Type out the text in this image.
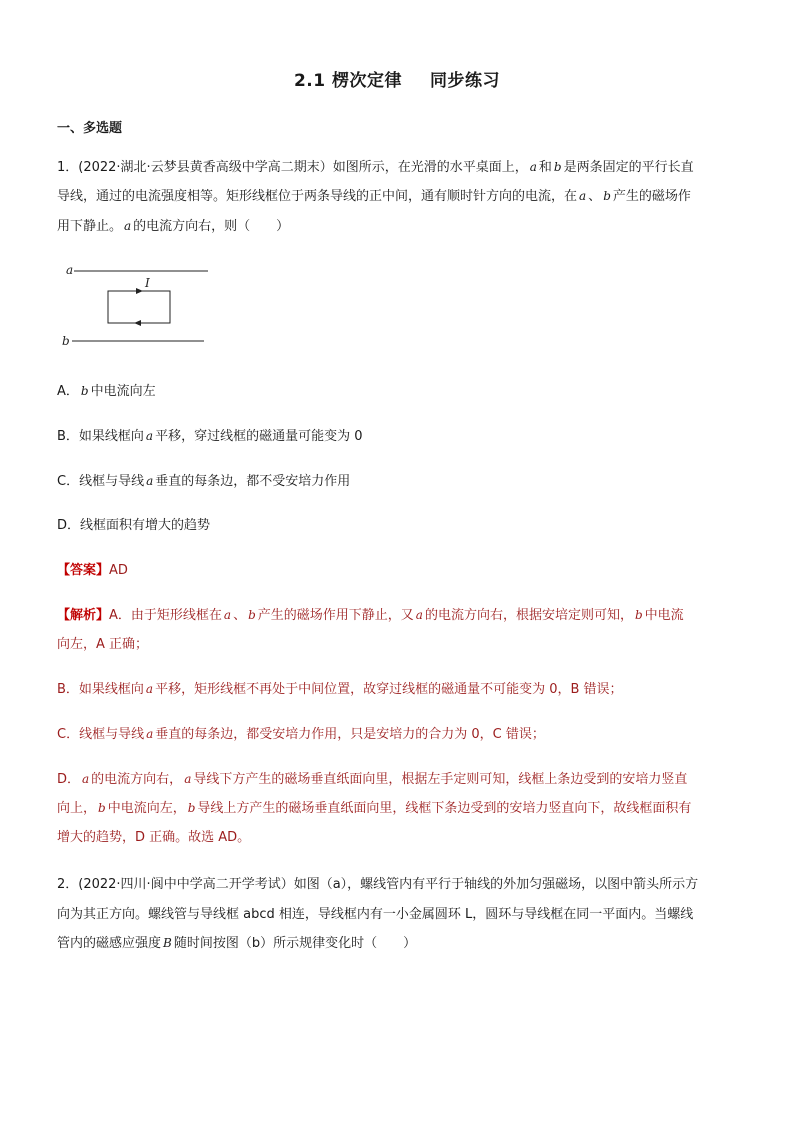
2.1 楞次定律 同步练习
一、多选题
1．(2022·湖北·云梦县黄香高级中学高二期末）如图所示，在光滑的水平桌面上， a 和 b 是两条固定的平行长直
导线，通过的电流强度相等。矩形线框位于两条导线的正中间，通有顺时针方向的电流，在 a 、 b 产生的磁场作
用下静止。 a 的电流方向右，则（　　）
a
I
b
A． b 中电流向左
B．如果线框向 a 平移，穿过线框的磁通量可能变为 0
C．线框与导线 a 垂直的每条边，都不受安培力作用
D．线框面积有增大的趋势
【答案】AD
【解析】A．由于矩形线框在 a 、 b 产生的磁场作用下静止，又 a 的电流方向右，根据安培定则可知， b 中电流
向左，A 正确；
B．如果线框向 a 平移，矩形线框不再处于中间位置，故穿过线框的磁通量不可能变为 0，B 错误；
C．线框与导线 a 垂直的每条边，都受安培力作用，只是安培力的合力为 0，C 错误；
D． a 的电流方向右， a 导线下方产生的磁场垂直纸面向里，根据左手定则可知，线框上条边受到的安培力竖直
向上， b 中电流向左， b 导线上方产生的磁场垂直纸面向里，线框下条边受到的安培力竖直向下，故线框面积有
增大的趋势，D 正确。故选 AD。
2．(2022·四川·阆中中学高二开学考试）如图（a），螺线管内有平行于轴线的外加匀强磁场，以图中箭头所示方
向为其正方向。螺线管与导线框 abcd 相连，导线框内有一小金属圆环 L，圆环与导线框在同一平面内。当螺线
管内的磁感应强度 B 随时间按图（b）所示规律变化时（　　）
